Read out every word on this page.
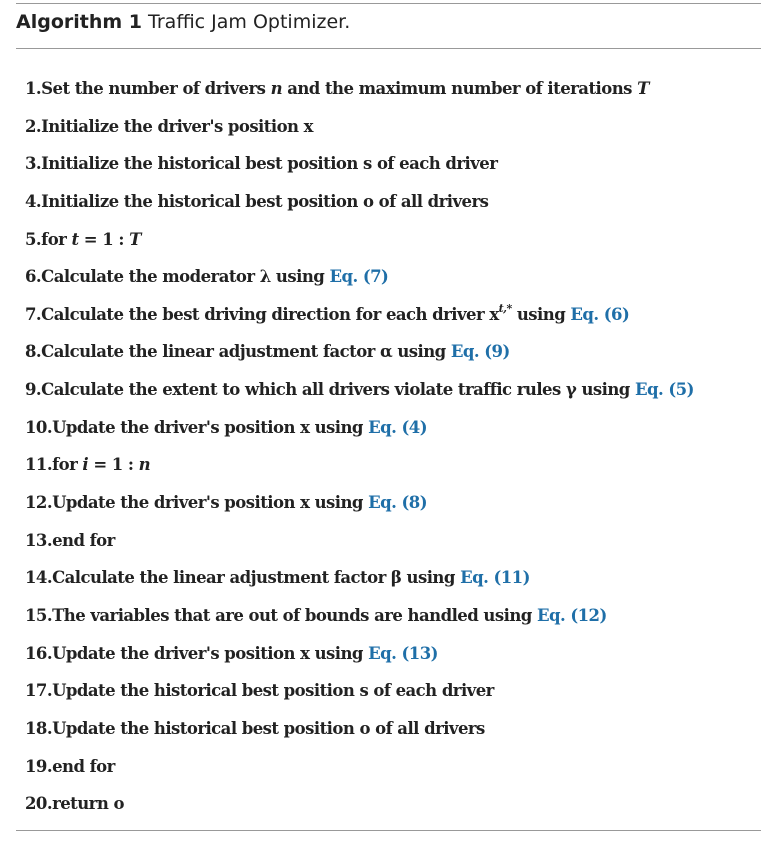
Algorithm 1 Traffic Jam Optimizer.
1.Set the number of drivers n and the maximum number of iterations T
2.Initialize the driver's position x
3.Initialize the historical best position s of each driver
4.Initialize the historical best position o of all drivers
5.for t = 1 : T
6.Calculate the moderator λ using Eq. (7)
7.Calculate the best driving direction for each driver $x^{t,*}$ using Eq. (6)
8.Calculate the linear adjustment factor α using Eq. (9)
9.Calculate the extent to which all drivers violate traffic rules γ using Eq. (5)
10.Update the driver's position x using Eq. (4)
11.for i = 1 : n
12.Update the driver's position x using Eq. (8)
13.end for
14.Calculate the linear adjustment factor β using Eq. (11)
15.The variables that are out of bounds are handled using Eq. (12)
16.Update the driver's position x using Eq. (13)
17.Update the historical best position s of each driver
18.Update the historical best position o of all drivers
19.end for
20.return o
